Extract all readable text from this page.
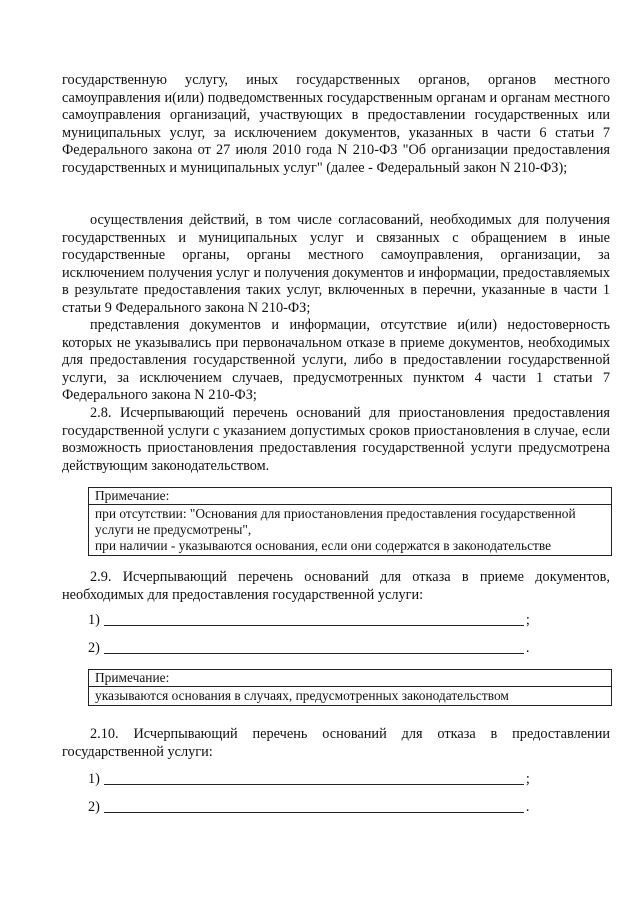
государственную услугу, иных государственных органов, органов местного самоуправления и(или) подведомственных государственным органам и органам местного самоуправления организаций, участвующих в предоставлении государственных или муниципальных услуг, за исключением документов, указанных в части 6 статьи 7 Федерального закона от 27 июля 2010 года N 210-ФЗ "Об организации предоставления государственных и муниципальных услуг" (далее - Федеральный закон N 210-ФЗ);

осуществления действий, в том числе согласований, необходимых для получения государственных и муниципальных услуг и связанных с обращением в иные государственные органы, органы местного самоуправления, организации, за исключением получения услуг и получения документов и информации, предоставляемых в результате предоставления таких услуг, включенных в перечни, указанные в части 1 статьи 9 Федерального закона N 210-ФЗ;

представления документов и информации, отсутствие и(или) недостоверность которых не указывались при первоначальном отказе в приеме документов, необходимых для предоставления государственной услуги, либо в предоставлении государственной услуги, за исключением случаев, предусмотренных пунктом 4 части 1 статьи 7 Федерального закона N 210-ФЗ;

2.8. Исчерпывающий перечень оснований для приостановления предоставления государственной услуги с указанием допустимых сроков приостановления в случае, если возможность приостановления предоставления государственной услуги предусмотрена действующим законодательством.

Примечание:
при отсутствии: "Основания для приостановления предоставления государственной услуги не предусмотрены",
при наличии - указываются основания, если они содержатся в законодательстве

2.9. Исчерпывающий перечень оснований для отказа в приеме документов, необходимых для предоставления государственной услуги:

1)	;
2)	.
Примечание:
указываются основания в случаях, предусмотренных законодательством

2.10. Исчерпывающий перечень оснований для отказа в предоставлении государственной услуги:

1)	;
2)	.
